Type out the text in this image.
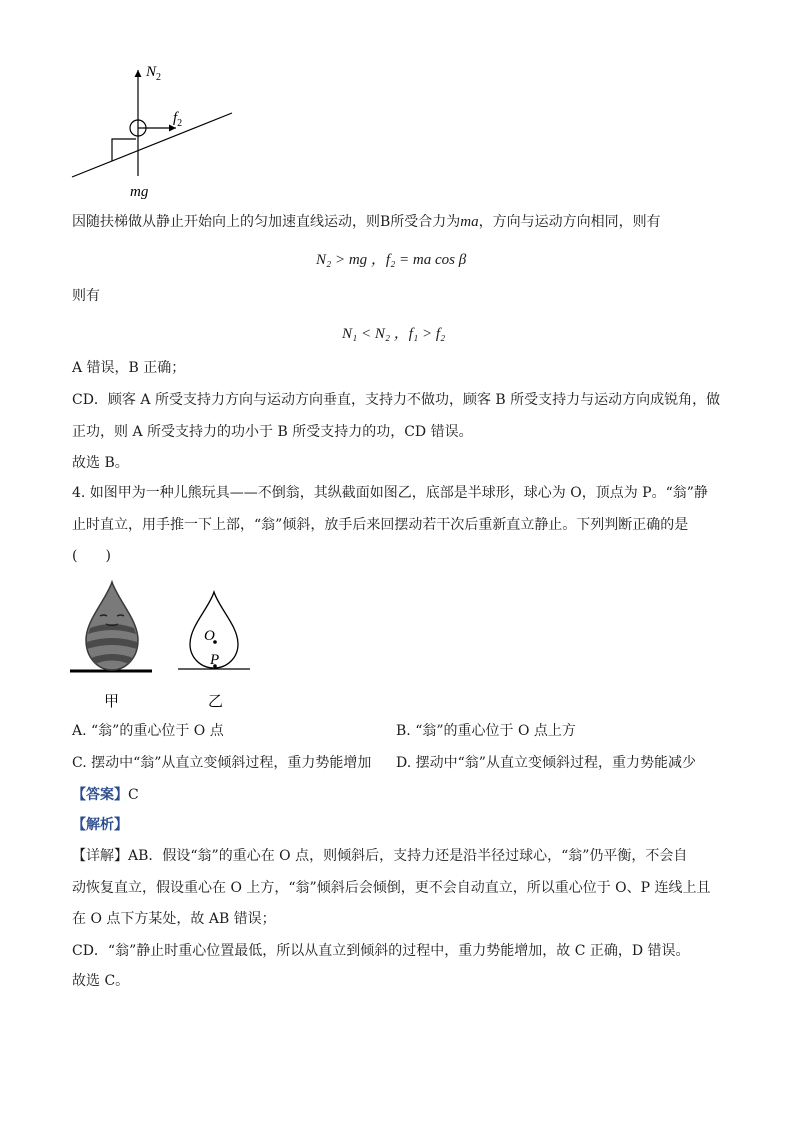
$N_2$
$f_2$
mg
因随扶梯做从静止开始向上的匀加速直线运动，则B所受合力为ma，方向与运动方向相同，则有
N₂ > mg ，f₂ = ma cos β
则有
N₁ < N₂ ，f₁ > f₂
A 错误，B 正确；
CD．顾客 A 所受支持力方向与运动方向垂直，支持力不做功，顾客 B 所受支持力与运动方向成锐角，做
正功，则 A 所受支持力的功小于 B 所受支持力的功，CD 错误。
故选 B。
4. 如图甲为一种儿熊玩具——不倒翁，其纵截面如图乙，底部是半球形，球心为 O，顶点为 P。“翁”静
止时直立，用手推一下上部，“翁”倾斜，放手后来回摆动若干次后重新直立静止。下列判断正确的是
(　　)
O
P
甲	乙
A. “翁”的重心位于 O 点	B. “翁”的重心位于 O 点上方
C. 摆动中“翁”从直立变倾斜过程，重力势能增加 D. 摆动中“翁”从直立变倾斜过程，重力势能减少
【答案】C
【解析】
【详解】AB．假设“翁”的重心在 O 点，则倾斜后，支持力还是沿半径过球心，“翁”仍平衡，不会自
动恢复直立，假设重心在 O 上方，“翁”倾斜后会倾倒，更不会自动直立，所以重心位于 O、P 连线上且
在 O 点下方某处，故 AB 错误；
CD．“翁”静止时重心位置最低，所以从直立到倾斜的过程中，重力势能增加，故 C 正确，D 错误。
故选 C。
